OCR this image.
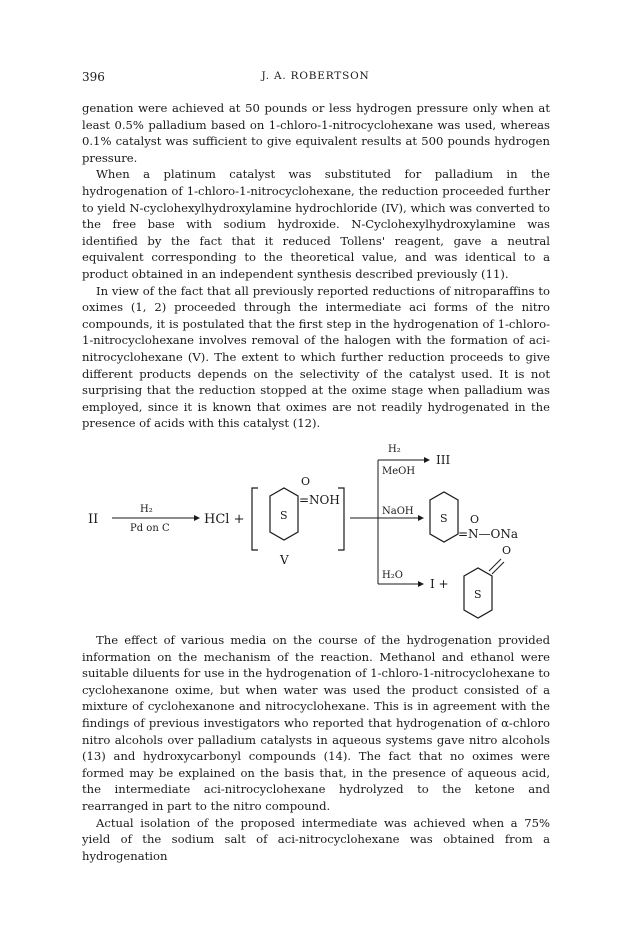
396	J. A. ROBERTSON

genation were achieved at 50 pounds or less hydrogen pressure only when at least 0.5% palladium based on 1-chloro-1-nitrocyclohexane was used, whereas 0.1% catalyst was sufficient to give equivalent results at 500 pounds hydrogen pressure.

When a platinum catalyst was substituted for palladium in the hydrogenation of 1-chloro-1-nitrocyclohexane, the reduction proceeded further to yield N-cyclohexylhydroxylamine hydrochloride (IV), which was converted to the free base with sodium hydroxide. N-Cyclohexylhydroxylamine was identified by the fact that it reduced Tollens' reagent, gave a neutral equivalent corresponding to the theoretical value, and was identical to a product obtained in an independent synthesis described previously (11).

In view of the fact that all previously reported reductions of nitroparaffins to oximes (1, 2) proceeded through the intermediate aci forms of the nitro compounds, it is postulated that the first step in the hydrogenation of 1-chloro-1-nitrocyclohexane involves removal of the halogen with the formation of aci-nitrocyclohexane (V). The extent to which further reduction proceeds to give different products depends on the selectivity of the catalyst used. It is not surprising that the reduction stopped at the oxime stage when palladium was employed, since it is known that oximes are not readily hydrogenated in the presence of acids with this catalyst (12).

II
H₂
Pd on C
HCl +	S
O
=NOH
V
H₂
MeOH
III
NaOH
S O
=N—ONa
H₂O
I +
S
O

The effect of various media on the course of the hydrogenation provided information on the mechanism of the reaction. Methanol and ethanol were suitable diluents for use in the hydrogenation of 1-chloro-1-nitrocyclohexane to cyclohexanone oxime, but when water was used the product consisted of a mixture of cyclohexanone and nitrocyclohexane. This is in agreement with the findings of previous investigators who reported that hydrogenation of α-chloro nitro alcohols over palladium catalysts in aqueous systems gave nitro alcohols (13) and hydroxycarbonyl compounds (14). The fact that no oximes were formed may be explained on the basis that, in the presence of aqueous acid, the intermediate aci-nitrocyclohexane hydrolyzed to the ketone and rearranged in part to the nitro compound.

Actual isolation of the proposed intermediate was achieved when a 75% yield of the sodium salt of aci-nitrocyclohexane was obtained from a hydrogenation
